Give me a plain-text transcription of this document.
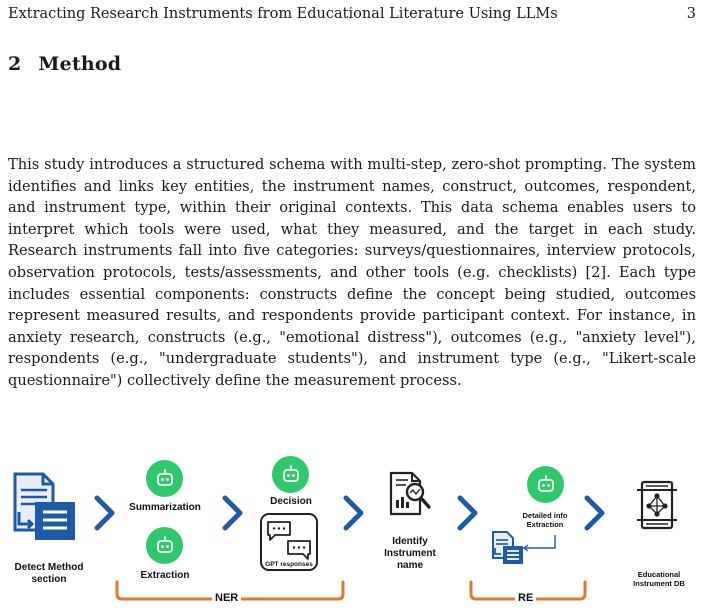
Extracting Research Instruments from Educational Literature Using LLMs	3
2 Method

This study introduces a structured schema with multi-step, zero-shot prompting. The system identifies and links key entities, the instrument names, construct, outcomes, respondent, and instrument type, within their original contexts. This data schema enables users to interpret which tools were used, what they measured, and the target in each study. Research instruments fall into five categories: surveys/questionnaires, interview protocols, observation protocols, tests/assessments, and other tools (e.g. checklists) [2]. Each type includes essential components: constructs define the concept being studied, outcomes represent measured results, and respondents provide participant context. For instance, in anxiety research, constructs (e.g., "emotional distress"), outcomes (e.g., "anxiety level"), respondents (e.g., "undergraduate students"), and instrument type (e.g., "Likert-scale questionnaire") collectively define the measurement process.

Detect Method section
Summarization
Extraction
Decision
GPT responses
Identify Instrument name
Detailed info Extraction
Educational Instrument DB
NER	RE
